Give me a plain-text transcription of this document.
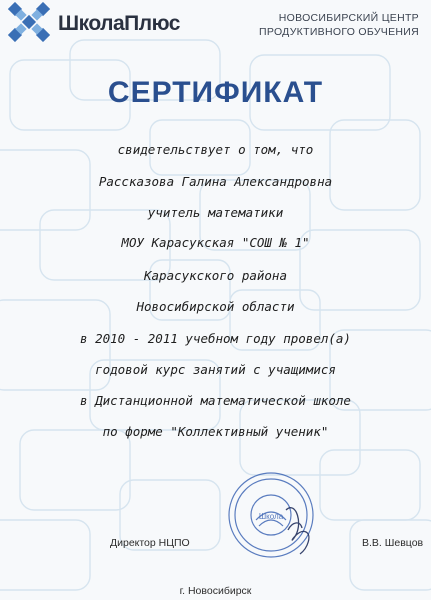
ШколаПлюс	НОВОСИБИРСКИЙ ЦЕНТР
ПРОДУКТИВНОГО ОБУЧЕНИЯ
СЕРТИФИКАТ
свидетельствует о том, что
Рассказова Галина Александровна
учитель математики
МОУ Карасукская "СОШ № 1"
Карасукского района
Новосибирской области
в 2010 - 2011 учебном году провел(а)
годовой курс занятий с учащимися
в Дистанционной математической школе
по форме "Коллективный ученик"
Школа
Директор НЦПО	В.В. Шевцов
г. Новосибирск
